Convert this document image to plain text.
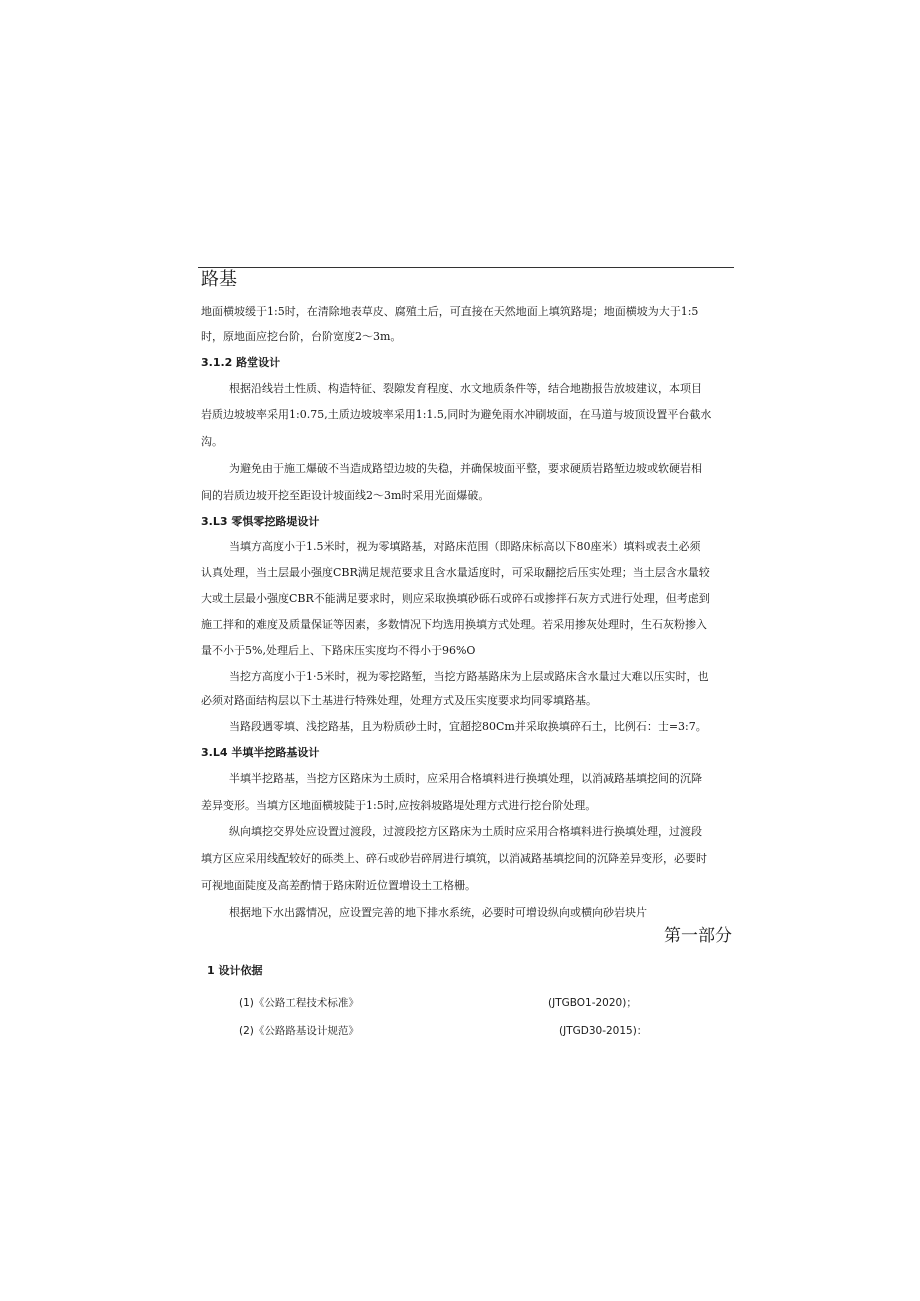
路基
地面横坡缓于1:5时，在清除地表草皮、腐殖土后，可直接在天然地面上填筑路堤；地面横坡为大于1:5
时，原地面应挖台阶，台阶宽度2～3m。
3.1.2 路堂设计
根据沿线岩土性质、构造特征、裂隙发育程度、水文地质条件等，结合地勘报告放坡建议，本项目
岩质边坡坡率采用1:0.75,土质边坡坡率采用1:1.5,同时为避免雨水冲刷坡面，在马道与坡顶设置平台截水
沟。
为避免由于施工爆破不当造成路望边坡的失稳，并确保坡面平整，要求硬质岩路堑边坡或软硬岩相
间的岩质边坡开挖至距设计坡面线2～3m时采用光面爆破。
3.L3 零惧零挖路堤设计
当填方高度小于1.5米时，视为零填路基，对路床范围（即路床标高以下80座米）填料或表土必须
认真处理，当土层最小强度CBR满足规范要求且含水量适度时，可采取翻挖后压实处理；当土层含水量较
大或土层最小强度CBR不能满足要求时，则应采取换填砂砾石或碎石或掺拌石灰方式进行处理，但考虑到
施工拌和的难度及质量保证等因素，多数情况下均选用换填方式处理。若采用掺灰处理时，生石灰粉掺入
量不小于5%,处理后上、下路床压实度均不得小于96%O
当挖方高度小于1·5米时，视为零挖路堑，当挖方路基路床为上层或路床含水量过大难以压实时，也
必须对路面结构层以下土基进行特殊处理，处理方式及压实度要求均同零填路基。
当路段遇零填、浅挖路基，且为粉质砂土时，宜超挖80Cm并采取换填碎石土，比例石：士=3:7。
3.L4 半填半挖路基设计
半填半挖路基，当挖方区路床为土质时，应采用合格填料进行换填处理，以消减路基填挖间的沉降
差异变形。当填方区地面横坡陡于1:5时,应按斜坡路堤处理方式进行挖台阶处理。
纵向填挖交界处应设置过渡段，过渡段挖方区路床为土质时应采用合格填料进行换填处理，过渡段
填方区应采用线配较好的砾类上、碎石或砂岩碎屑进行填筑，以消减路基填挖间的沉降差异变形，必要时
可视地面陡度及高差酌情于路床附近位置增设土工格栅。
根据地下水出露情况，应设置完善的地下排水系统，必要时可增设纵向或横向砂岩块片
第一部分
1 设计依据
(1)《公路工程技术标准》	(JTGBO1-2020)；
(2)《公路路基设计规范》	(JTGD30-2015)：
